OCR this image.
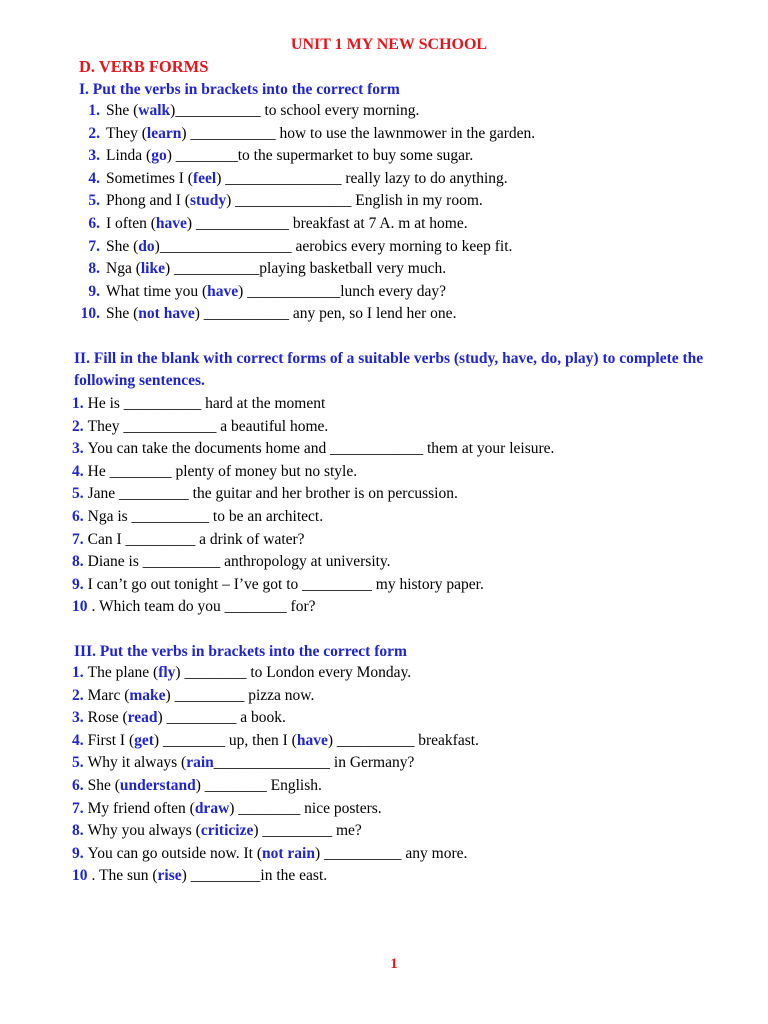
UNIT 1 MY NEW SCHOOL
D. VERB FORMS
I. Put the verbs in brackets into the correct form
1. She (walk)___________ to school every morning.
2. They (learn) ___________ how to use the lawnmower in the garden.
3. Linda (go) ________to the supermarket to buy some sugar.
4. Sometimes I (feel) _______________ really lazy to do anything.
5. Phong and I (study) _______________ English in my room.
6. I often (have) ____________ breakfast at 7 A. m at home.
7. She (do)_________________ aerobics every morning to keep fit.
8. Nga (like) ___________playing basketball very much.
9. What time you (have) ____________lunch every day?
10. She (not have) ___________ any pen, so I lend her one.
II. Fill in the blank with correct forms of a suitable verbs (study, have, do, play) to complete the following sentences.
1. He is __________ hard at the moment
2. They ____________ a beautiful home.
3. You can take the documents home and ____________ them at your leisure.
4. He ________ plenty of money but no style.
5. Jane _________ the guitar and her brother is on percussion.
6. Nga is __________ to be an architect.
7. Can I _________ a drink of water?
8. Diane is __________ anthropology at university.
9. I can’t go out tonight – I’ve got to _________ my history paper.
10 . Which team do you ________ for?
III. Put the verbs in brackets into the correct form
1. The plane (fly) ________ to London every Monday.
2. Marc (make) _________ pizza now.
3. Rose (read) _________ a book.
4. First I (get) ________ up, then I (have) __________ breakfast.
5. Why it always (rain_______________ in Germany?
6. She (understand) ________ English.
7. My friend often (draw) ________ nice posters.
8. Why you always (criticize) _________ me?
9. You can go outside now. It (not rain) __________ any more.
10 . The sun (rise) _________in the east.
1
